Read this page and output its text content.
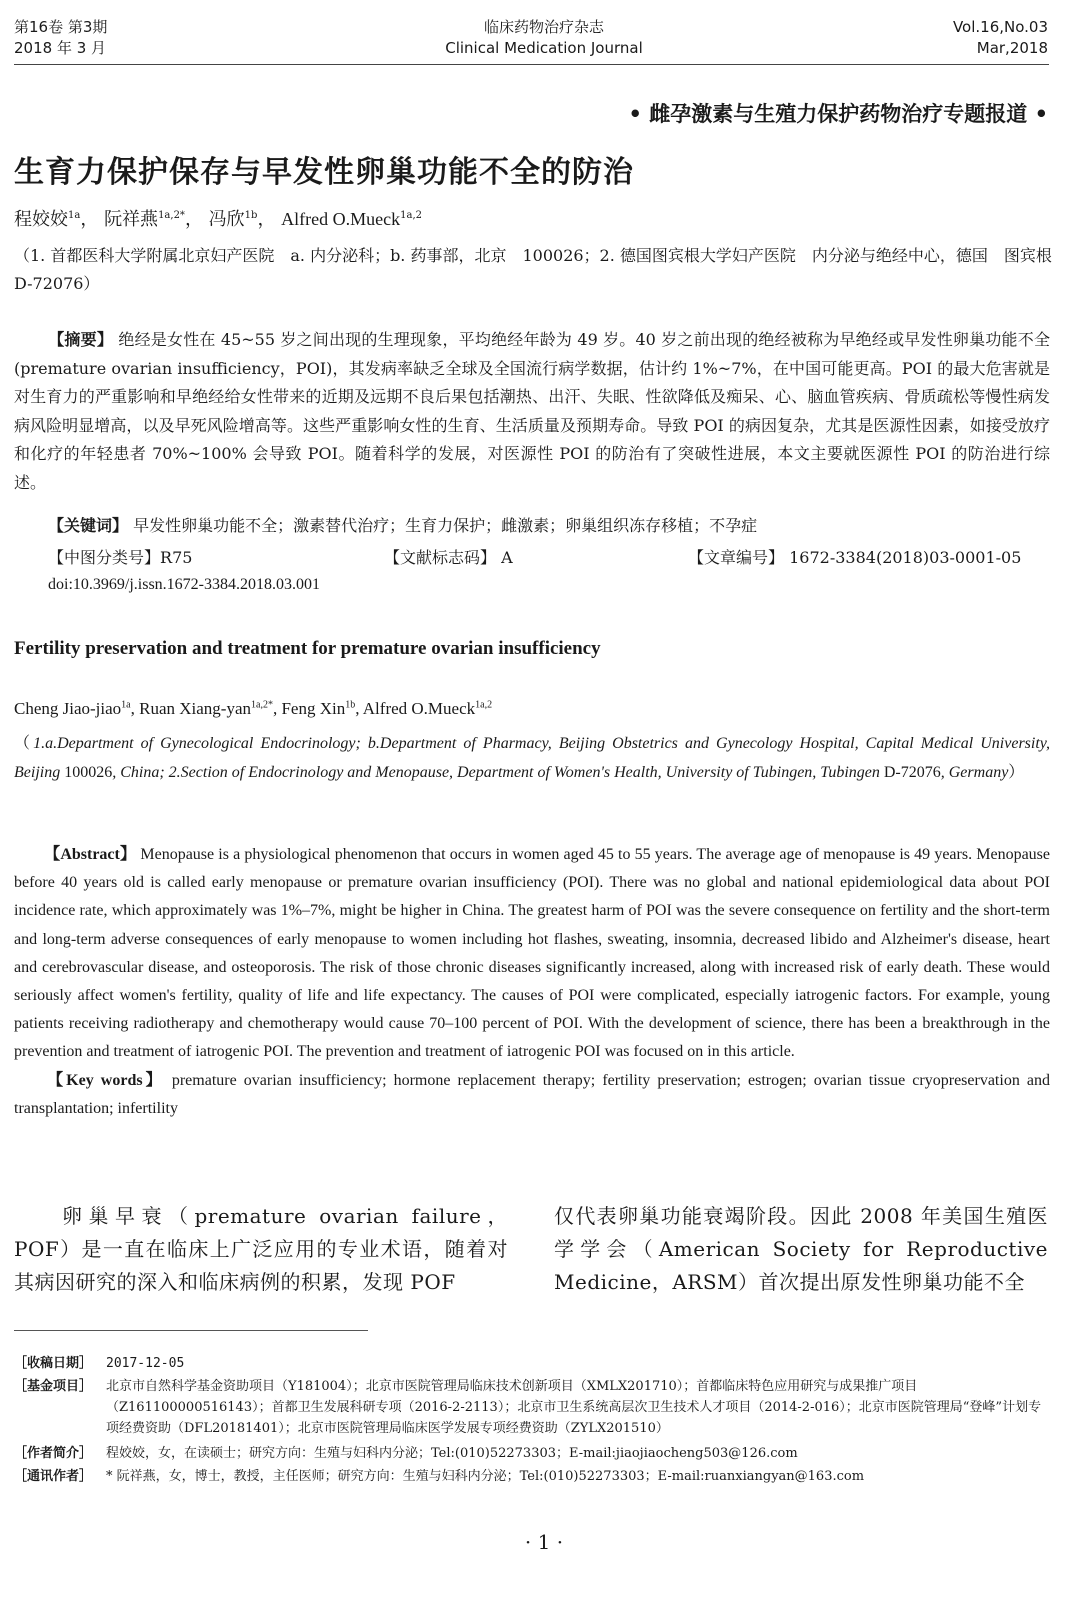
第16卷 第3期
2018 年 3 月
临床药物治疗杂志
Clinical Medication Journal
Vol.16,No.03
Mar,2018
• 雌孕激素与生殖力保护药物治疗专题报道 •
生育力保护保存与早发性卵巢功能不全的防治
程姣姣$^{1a}$， 阮祥燕$^{1a,2*}$， 冯欣$^{1b}$， Alfred O.Mueck$^{1a,2}$
（1. 首都医科大学附属北京妇产医院　a. 内分泌科；b. 药事部，北京　100026；2. 德国图宾根大学妇产医院　内分泌与绝经中心，德国　图宾根　D-72076）
【摘要】 绝经是女性在 45~55 岁之间出现的生理现象，平均绝经年龄为 49 岁。40 岁之前出现的绝经被称为早绝经或早发性卵巢功能不全(premature ovarian insufficiency，POI)，其发病率缺乏全球及全国流行病学数据，估计约 1%~7%，在中国可能更高。POI 的最大危害就是对生育力的严重影响和早绝经给女性带来的近期及远期不良后果包括潮热、出汗、失眠、性欲降低及痴呆、心、脑血管疾病、骨质疏松等慢性病发病风险明显增高，以及早死风险增高等。这些严重影响女性的生育、生活质量及预期寿命。导致 POI 的病因复杂，尤其是医源性因素，如接受放疗和化疗的年轻患者 70%~100% 会导致 POI。随着科学的发展，对医源性 POI 的防治有了突破性进展，本文主要就医源性 POI 的防治进行综述。
【关键词】 早发性卵巢功能不全；激素替代治疗；生育力保护；雌激素；卵巢组织冻存移植；不孕症
【中图分类号】R75	【文献标志码】 A	【文章编号】 1672-3384(2018)03-0001-05
doi:10.3969/j.issn.1672-3384.2018.03.001
Fertility preservation and treatment for premature ovarian insufficiency
Cheng Jiao-jiao$^{1a}$, Ruan Xiang-yan$^{1a,2*}$, Feng Xin$^{1b}$, Alfred O.Mueck$^{1a,2}$
（1.a.Department of Gynecological Endocrinology; b.Department of Pharmacy, Beijing Obstetrics and Gynecology Hospital, Capital Medical University, Beijing 100026, China; 2.Section of Endocrinology and Menopause, Department of Women's Health, University of Tubingen, Tubingen D-72076, Germany）
【Abstract】 Menopause is a physiological phenomenon that occurs in women aged 45 to 55 years. The average age of menopause is 49 years. Menopause before 40 years old is called early menopause or premature ovarian insufficiency (POI). There was no global and national epidemiological data about POI incidence rate, which approximately was 1%–7%, might be higher in China. The greatest harm of POI was the severe consequence on fertility and the short-term and long-term adverse consequences of early menopause to women including hot flashes, sweating, insomnia, decreased libido and Alzheimer's disease, heart and cerebrovascular disease, and osteoporosis. The risk of those chronic diseases significantly increased, along with increased risk of early death. These would seriously affect women's fertility, quality of life and life expectancy. The causes of POI were complicated, especially iatrogenic factors. For example, young patients receiving radiotherapy and chemotherapy would cause 70–100 percent of POI. With the development of science, there has been a breakthrough in the prevention and treatment of iatrogenic POI. The prevention and treatment of iatrogenic POI was focused on in this article.
【Key words】 premature ovarian insufficiency; hormone replacement therapy; fertility preservation; estrogen; ovarian tissue cryopreservation and transplantation; infertility
卵巢早衰（premature ovarian failure，POF）是一直在临床上广泛应用的专业术语，随着对其病因研究的深入和临床病例的积累，发现 POF
仅代表卵巢功能衰竭阶段。因此 2008 年美国生殖医学学会（American Society for Reproductive Medicine，ARSM）首次提出原发性卵巢功能不全
［收稿日期］ 2017-12-05
［基金项目］ 北京市自然科学基金资助项目（Y181004）；北京市医院管理局临床技术创新项目（XMLX201710）；首都临床特色应用研究与成果推广项目（Z161100000516143）；首都卫生发展科研专项（2016-2-2113）；北京市卫生系统高层次卫生技术人才项目（2014-2-016）；北京市医院管理局“登峰”计划专项经费资助（DFL20181401）；北京市医院管理局临床医学发展专项经费资助（ZYLX201510）
［作者简介］ 程姣姣，女，在读硕士；研究方向：生殖与妇科内分泌；Tel:(010)52273303；E-mail:jiaojiaocheng503@126.com
［通讯作者］ * 阮祥燕，女，博士，教授，主任医师；研究方向：生殖与妇科内分泌；Tel:(010)52273303；E-mail:ruanxiangyan@163.com
· 1 ·
